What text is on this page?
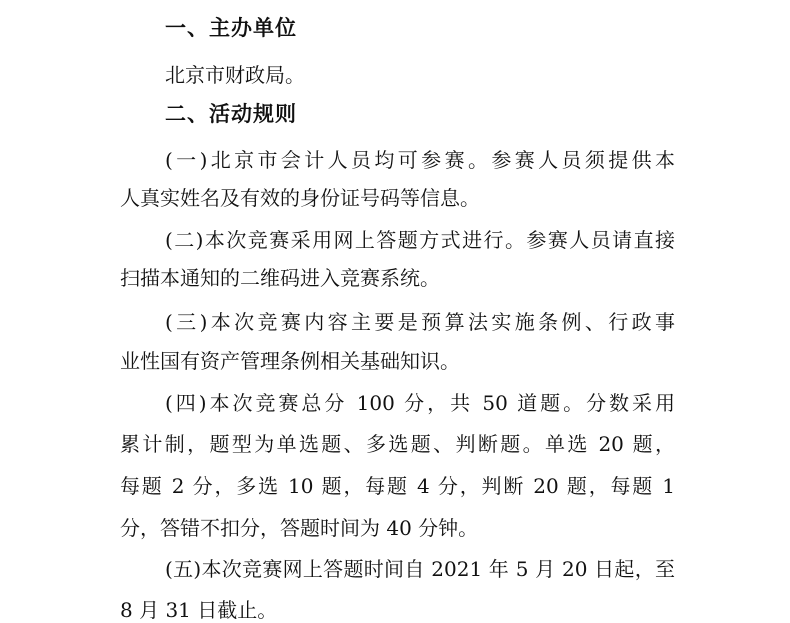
一、主办单位
北京市财政局。
二、活动规则
(一)北京市会计人员均可参赛。参赛人员须提供本
人真实姓名及有效的身份证号码等信息。
(二)本次竞赛采用网上答题方式进行。参赛人员请直接
扫描本通知的二维码进入竞赛系统。
(三)本次竞赛内容主要是预算法实施条例、行政事
业性国有资产管理条例相关基础知识。
(四)本次竞赛总分 100 分，共 50 道题。分数采用
累计制，题型为单选题、多选题、判断题。单选 20 题，
每题 2 分，多选 10 题，每题 4 分，判断 20 题，每题 1
分，答错不扣分，答题时间为 40 分钟。
(五)本次竞赛网上答题时间自 2021 年 5 月 20 日起，至
8 月 31 日截止。
